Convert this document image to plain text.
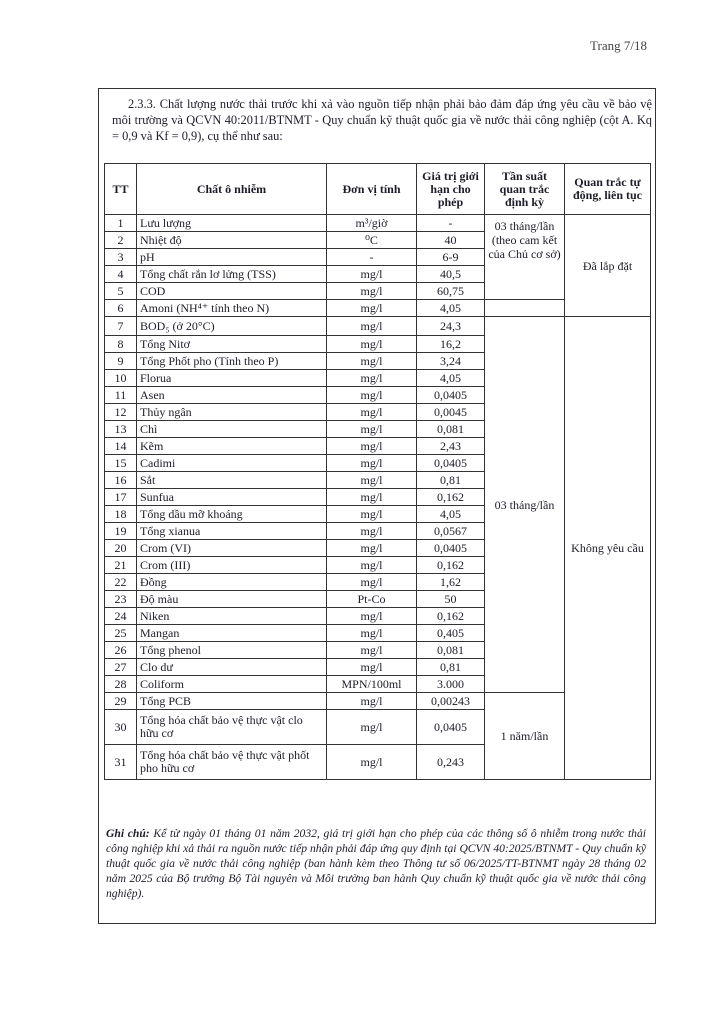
Trang 7/18
2.3.3. Chất lượng nước thải trước khi xả vào nguồn tiếp nhận phải bảo đảm đáp ứng yêu cầu về bảo vệ môi trường và QCVN 40:2011/BTNMT - Quy chuẩn kỹ thuật quốc gia về nước thải công nghiệp (cột A. Kq = 0,9 và Kf = 0,9), cụ thể như sau:
TT	Chất ô nhiễm	Đơn vị tính	Giá trị giới hạn cho phép	Tần suất quan trắc định kỳ	Quan trắc tự động, liên tục
1	Lưu lượng	m³/giờ	-	03 tháng/lần (theo cam kết của Chủ cơ sở)	Đã lắp đặt
2	Nhiệt độ	⁰C	40		
3	pH	-	6-9		
4	Tổng chất rắn lơ lửng (TSS)	mg/l	40,5		
5	COD	mg/l	60,75		
6	Amoni (NH⁴⁺ tính theo N)	mg/l	4,05		
7	BOD₅ (ở 20°C)	mg/l	24,3	03 tháng/lần	Không yêu cầu
8	Tổng Nitơ	mg/l	16,2		
9	Tổng Phốt pho (Tính theo P)	mg/l	3,24		
10	Florua	mg/l	4,05		
11	Asen	mg/l	0,0405		
12	Thủy ngân	mg/l	0,0045		
13	Chì	mg/l	0,081		
14	Kẽm	mg/l	2,43		
15	Cadimi	mg/l	0,0405		
16	Sắt	mg/l	0,81		
17	Sunfua	mg/l	0,162		
18	Tổng dầu mỡ khoáng	mg/l	4,05		
19	Tổng xianua	mg/l	0,0567		
20	Crom (VI)	mg/l	0,0405		
21	Crom (III)	mg/l	0,162		
22	Đồng	mg/l	1,62		
23	Độ màu	Pt-Co	50		
24	Niken	mg/l	0,162		
25	Mangan	mg/l	0,405		
26	Tổng phenol	mg/l	0,081		
27	Clo dư	mg/l	0,81		
28	Coliform	MPN/100ml	3.000		
29	Tổng PCB	mg/l	0,00243	1 năm/lần	
30	Tổng hóa chất bảo vệ thực vật clo hữu cơ	mg/l	0,0405		
31	Tổng hóa chất bảo vệ thực vật phốt pho hữu cơ	mg/l	0,243		
Ghi chú: Kể từ ngày 01 tháng 01 năm 2032, giá trị giới hạn cho phép của các thông số ô nhiễm trong nước thải công nghiệp khi xả thải ra nguồn nước tiếp nhận phải đáp ứng quy định tại QCVN 40:2025/BTNMT - Quy chuẩn kỹ thuật quốc gia về nước thải công nghiệp (ban hành kèm theo Thông tư số 06/2025/TT-BTNMT ngày 28 tháng 02 năm 2025 của Bộ trưởng Bộ Tài nguyên và Môi trường ban hành Quy chuẩn kỹ thuật quốc gia về nước thải công nghiệp).
